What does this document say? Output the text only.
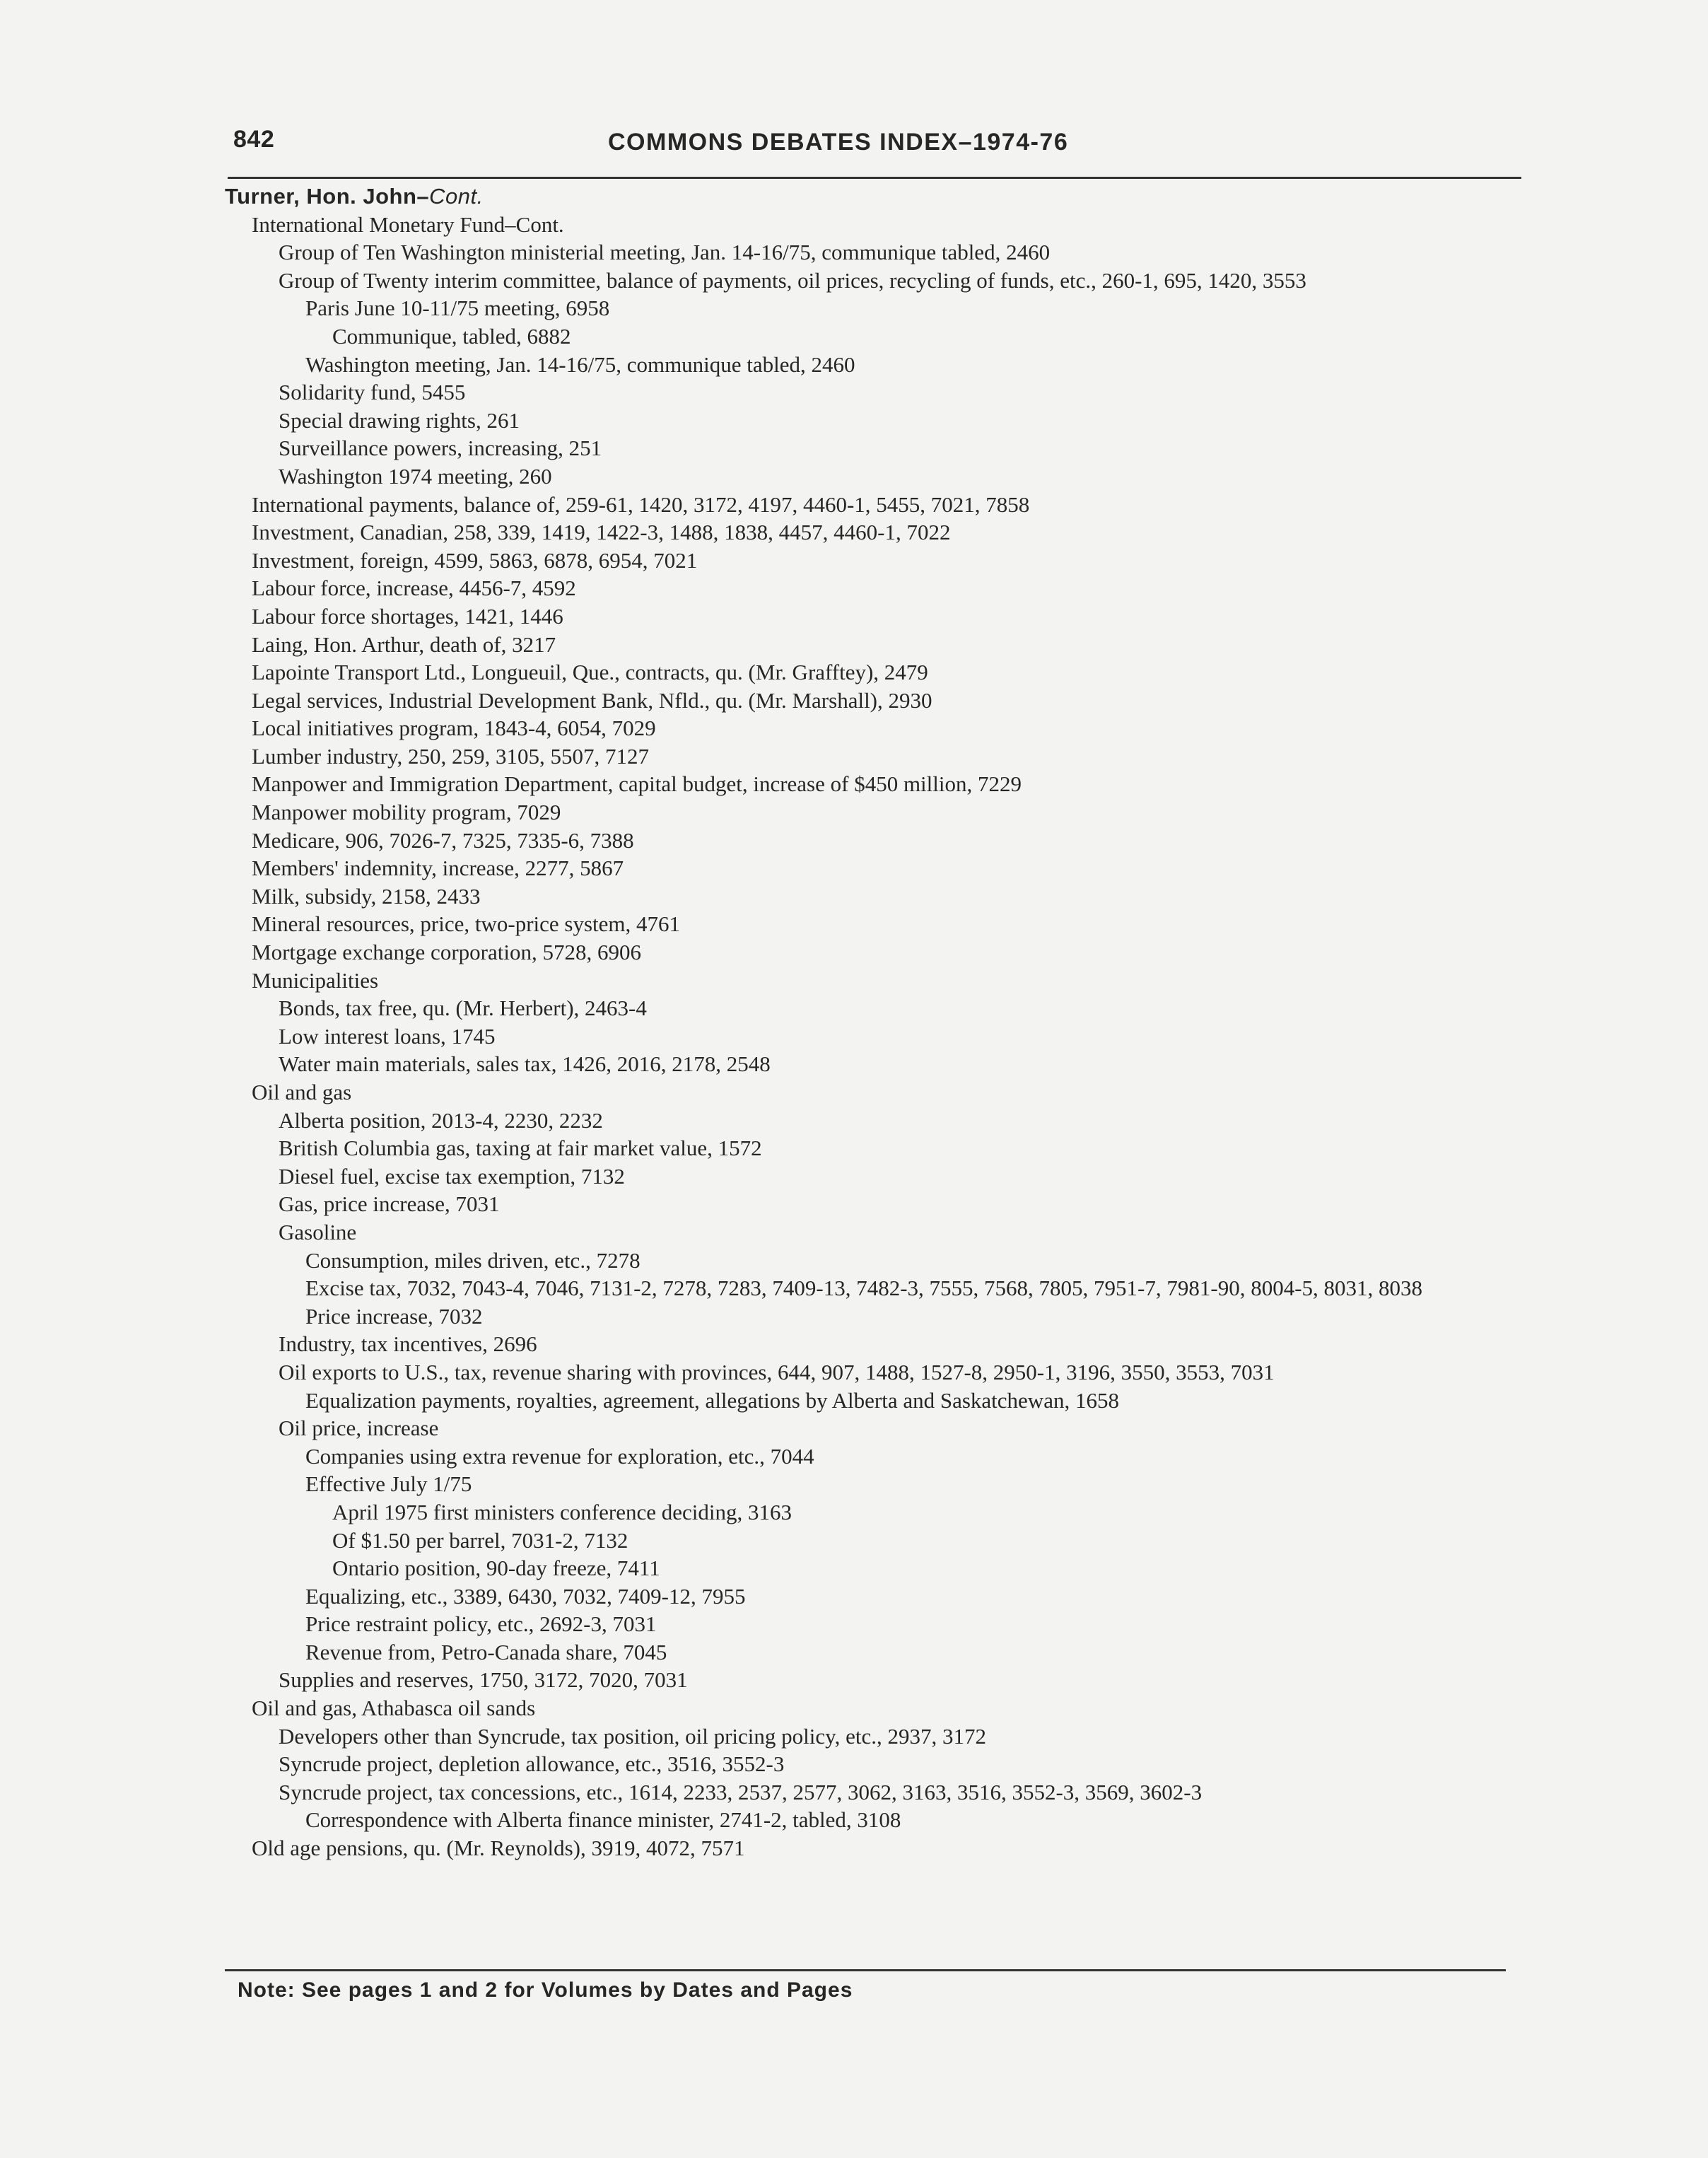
842	COMMONS DEBATES INDEX–1974-76
Turner, Hon. John–Cont.
International Monetary Fund–Cont.
Group of Ten Washington ministerial meeting, Jan. 14-16/75, communique tabled, 2460
Group of Twenty interim committee, balance of payments, oil prices, recycling of funds, etc., 260-1, 695, 1420, 3553
Paris June 10-11/75 meeting, 6958
Communique, tabled, 6882
Washington meeting, Jan. 14-16/75, communique tabled, 2460
Solidarity fund, 5455
Special drawing rights, 261
Surveillance powers, increasing, 251
Washington 1974 meeting, 260
International payments, balance of, 259-61, 1420, 3172, 4197, 4460-1, 5455, 7021, 7858
Investment, Canadian, 258, 339, 1419, 1422-3, 1488, 1838, 4457, 4460-1, 7022
Investment, foreign, 4599, 5863, 6878, 6954, 7021
Labour force, increase, 4456-7, 4592
Labour force shortages, 1421, 1446
Laing, Hon. Arthur, death of, 3217
Lapointe Transport Ltd., Longueuil, Que., contracts, qu. (Mr. Grafftey), 2479
Legal services, Industrial Development Bank, Nfld., qu. (Mr. Marshall), 2930
Local initiatives program, 1843-4, 6054, 7029
Lumber industry, 250, 259, 3105, 5507, 7127
Manpower and Immigration Department, capital budget, increase of $450 million, 7229
Manpower mobility program, 7029
Medicare, 906, 7026-7, 7325, 7335-6, 7388
Members' indemnity, increase, 2277, 5867
Milk, subsidy, 2158, 2433
Mineral resources, price, two-price system, 4761
Mortgage exchange corporation, 5728, 6906
Municipalities
Bonds, tax free, qu. (Mr. Herbert), 2463-4
Low interest loans, 1745
Water main materials, sales tax, 1426, 2016, 2178, 2548
Oil and gas
Alberta position, 2013-4, 2230, 2232
British Columbia gas, taxing at fair market value, 1572
Diesel fuel, excise tax exemption, 7132
Gas, price increase, 7031
Gasoline
Consumption, miles driven, etc., 7278
Excise tax, 7032, 7043-4, 7046, 7131-2, 7278, 7283, 7409-13, 7482-3, 7555, 7568, 7805, 7951-7, 7981-90, 8004-5, 8031, 8038
Price increase, 7032
Industry, tax incentives, 2696
Oil exports to U.S., tax, revenue sharing with provinces, 644, 907, 1488, 1527-8, 2950-1, 3196, 3550, 3553, 7031
Equalization payments, royalties, agreement, allegations by Alberta and Saskatchewan, 1658
Oil price, increase
Companies using extra revenue for exploration, etc., 7044
Effective July 1/75
April 1975 first ministers conference deciding, 3163
Of $1.50 per barrel, 7031-2, 7132
Ontario position, 90-day freeze, 7411
Equalizing, etc., 3389, 6430, 7032, 7409-12, 7955
Price restraint policy, etc., 2692-3, 7031
Revenue from, Petro-Canada share, 7045
Supplies and reserves, 1750, 3172, 7020, 7031
Oil and gas, Athabasca oil sands
Developers other than Syncrude, tax position, oil pricing policy, etc., 2937, 3172
Syncrude project, depletion allowance, etc., 3516, 3552-3
Syncrude project, tax concessions, etc., 1614, 2233, 2537, 2577, 3062, 3163, 3516, 3552-3, 3569, 3602-3
Correspondence with Alberta finance minister, 2741-2, tabled, 3108
Old age pensions, qu. (Mr. Reynolds), 3919, 4072, 7571
Note: See pages 1 and 2 for Volumes by Dates and Pages
